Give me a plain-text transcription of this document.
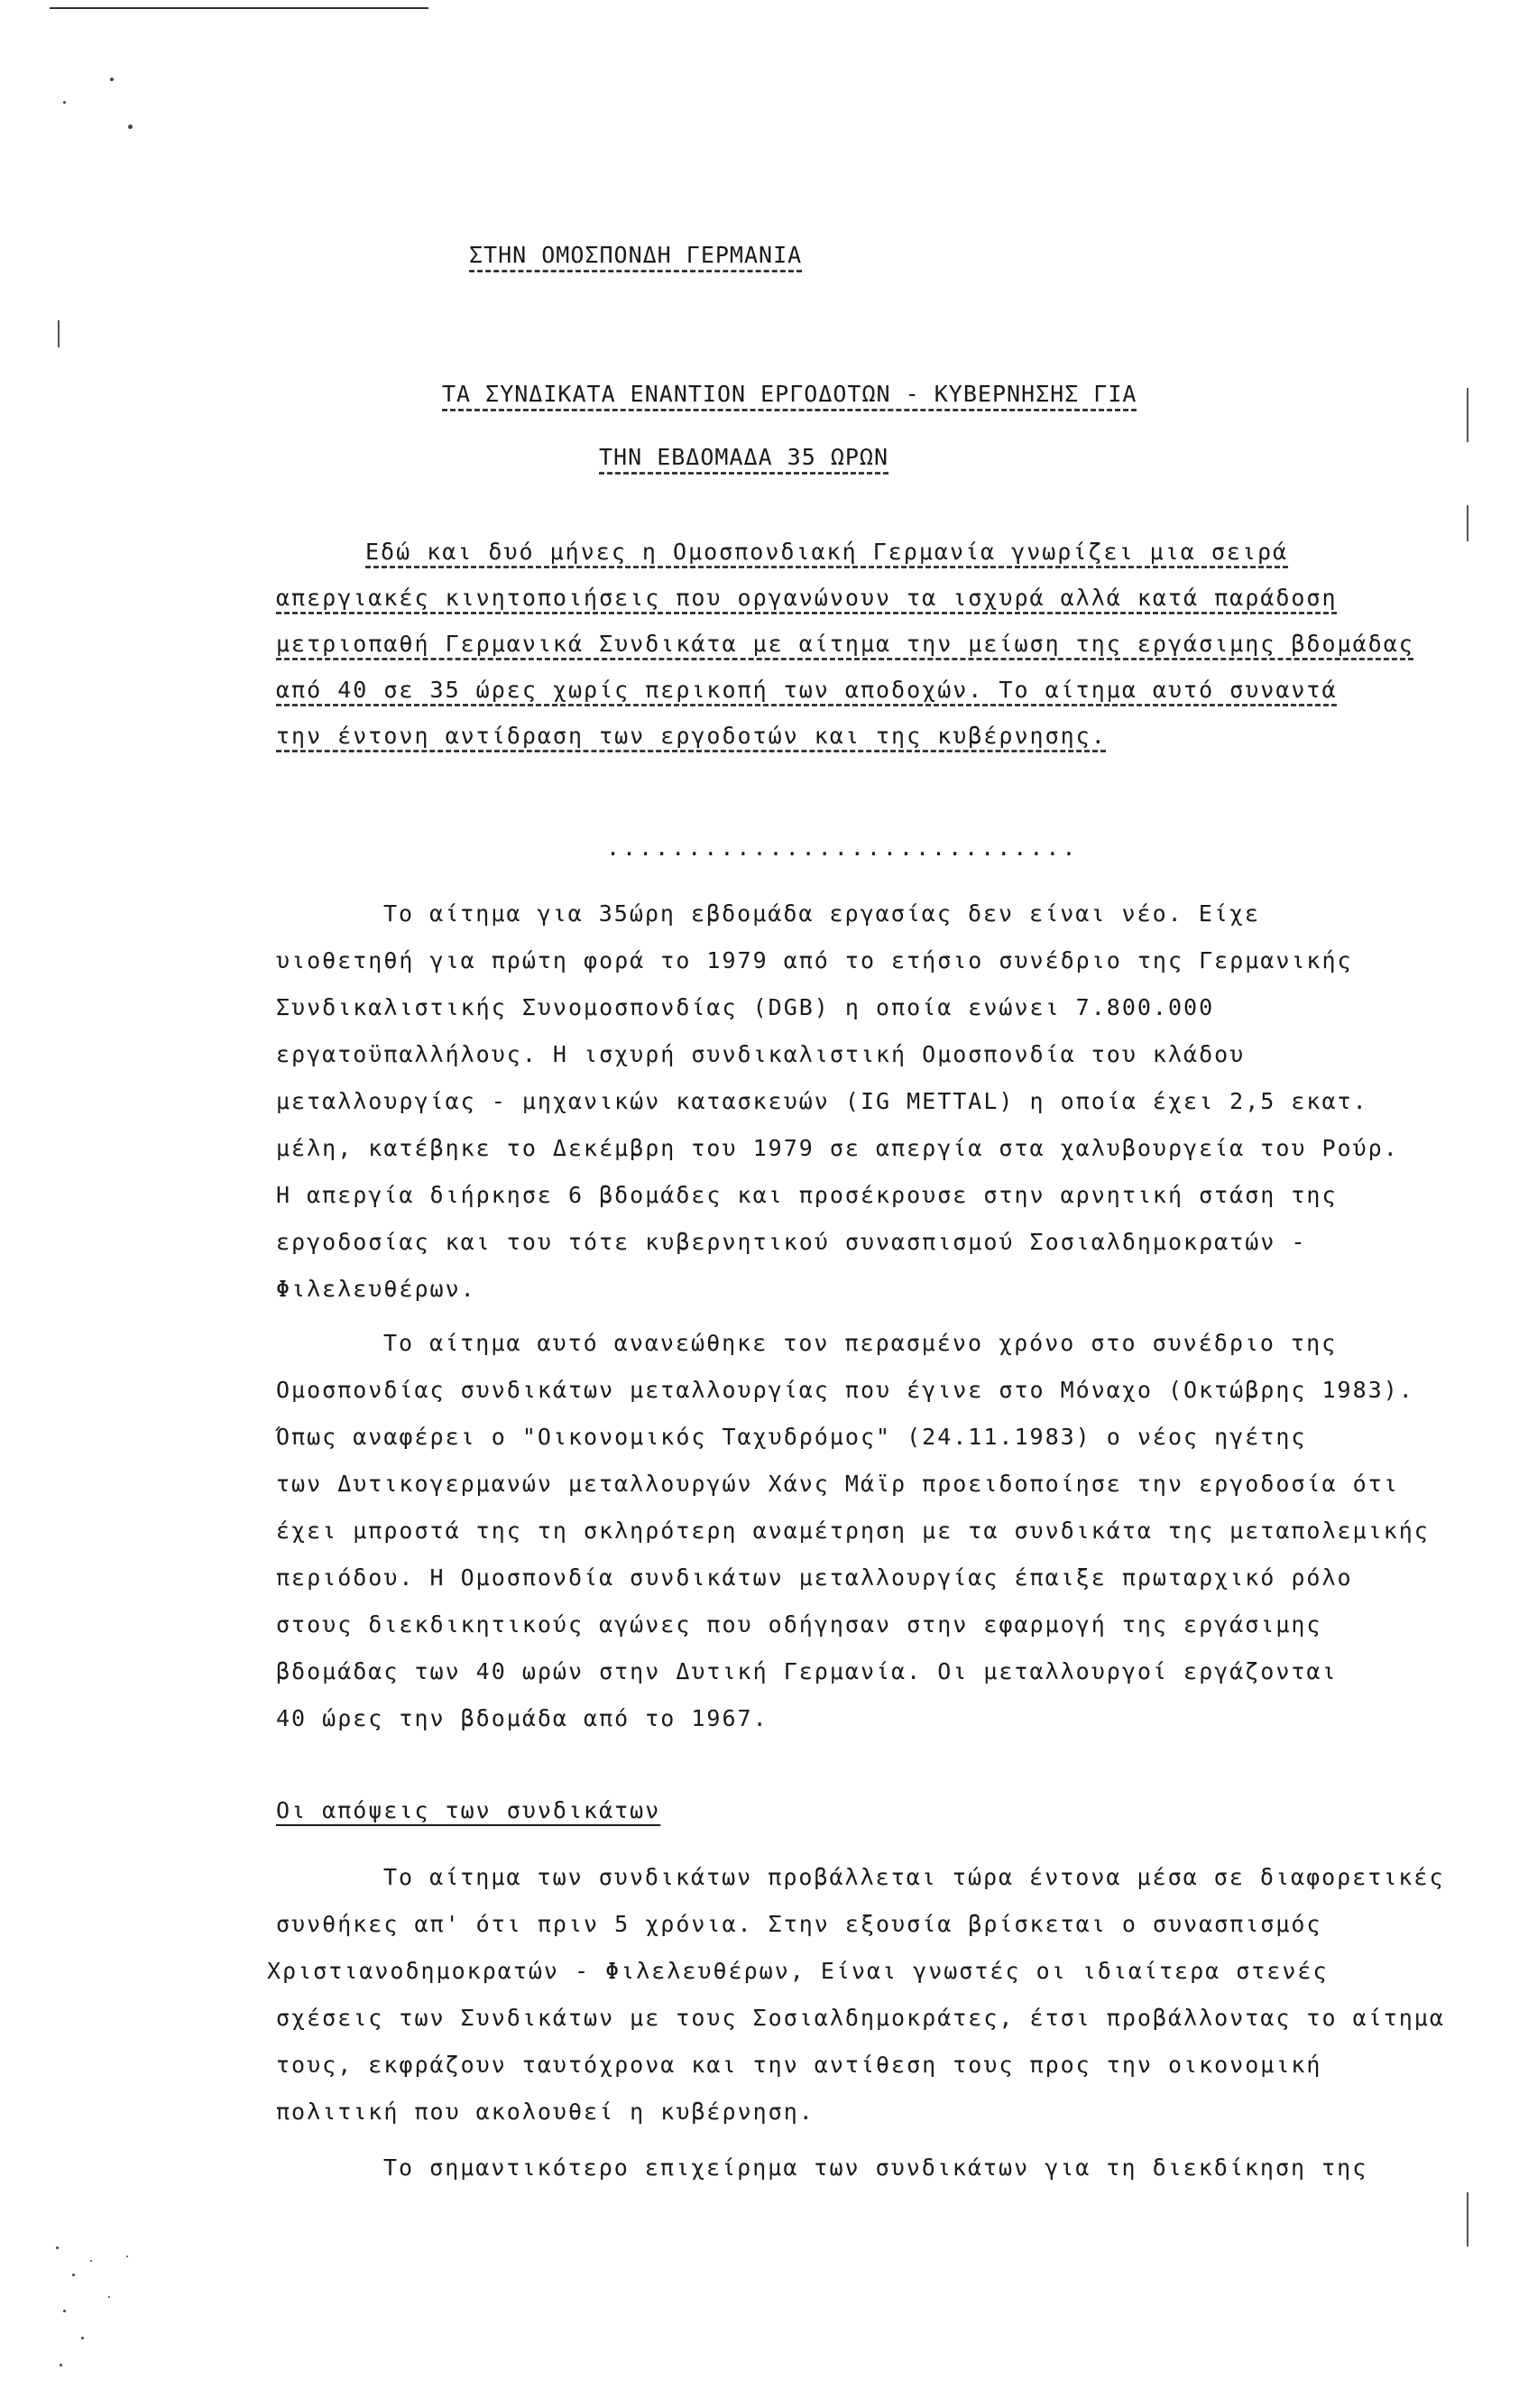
ΣΤΗΝ ΟΜΟΣΠΟΝΔΗ ΓΕΡΜΑΝΙΑ
ΤΑ ΣΥΝΔΙΚΑΤΑ ΕΝΑΝΤΙΟΝ ΕΡΓΟΔΟΤΩΝ - ΚΥΒΕΡΝΗΣΗΣ ΓΙΑ
ΤΗΝ ΕΒΔΟΜΑΔΑ 35 ΩΡΩΝ
Εδώ και δυό μήνες η Ομοσπονδιακή Γερμανία γνωρίζει μια σειρά
απεργιακές κινητοποιήσεις που οργανώνουν τα ισχυρά αλλά κατά παράδοση
μετριοπαθή Γερμανικά Συνδικάτα με αίτημα την μείωση της εργάσιμης βδομάδας
από 40 σε 35 ώρες χωρίς περικοπή των αποδοχών. Το αίτημα αυτό συναντά
την έντονη αντίδραση των εργοδοτών και της κυβέρνησης.
.............................
Το αίτημα για 35ώρη εβδομάδα εργασίας δεν είναι νέο. Είχε
υιοθετηθή για πρώτη φορά το 1979 από το ετήσιο συνέδριο της Γερμανικής
Συνδικαλιστικής Συνομοσπονδίας (DGB) η οποία ενώνει 7.800.000
εργατοϋπαλλήλους. Η ισχυρή συνδικαλιστική Ομοσπονδία του κλάδου
μεταλλουργίας - μηχανικών κατασκευών (IG METTAL) η οποία έχει 2,5 εκατ.
μέλη, κατέβηκε το Δεκέμβρη του 1979 σε απεργία στα χαλυβουργεία του Ρούρ.
Η απεργία διήρκησε 6 βδομάδες και προσέκρουσε στην αρνητική στάση της
εργοδοσίας και του τότε κυβερνητικού συνασπισμού Σοσιαλδημοκρατών -
Φιλελευθέρων.
Το αίτημα αυτό ανανεώθηκε τον περασμένο χρόνο στο συνέδριο της
Ομοσπονδίας συνδικάτων μεταλλουργίας που έγινε στο Μόναχο (Οκτώβρης 1983).
Όπως αναφέρει ο "Οικονομικός Ταχυδρόμος" (24.11.1983) ο νέος ηγέτης
των Δυτικογερμανών μεταλλουργών Χάνς Μάϊρ προειδοποίησε την εργοδοσία ότι
έχει μπροστά της τη σκληρότερη αναμέτρηση με τα συνδικάτα της μεταπολεμικής
περιόδου. Η Ομοσπονδία συνδικάτων μεταλλουργίας έπαιξε πρωταρχικό ρόλο
στους διεκδικητικούς αγώνες που οδήγησαν στην εφαρμογή της εργάσιμης
βδομάδας των 40 ωρών στην Δυτική Γερμανία. Οι μεταλλουργοί εργάζονται
40 ώρες την βδομάδα από το 1967.
Οι απόψεις των συνδικάτων
Το αίτημα των συνδικάτων προβάλλεται τώρα έντονα μέσα σε διαφορετικές
συνθήκες απ' ότι πριν 5 χρόνια. Στην εξουσία βρίσκεται ο συνασπισμός
Χριστιανοδημοκρατών - Φιλελευθέρων, Είναι γνωστές οι ιδιαίτερα στενές
σχέσεις των Συνδικάτων με τους Σοσιαλδημοκράτες, έτσι προβάλλοντας το αίτημα
τους, εκφράζουν ταυτόχρονα και την αντίθεση τους προς την οικονομική
πολιτική που ακολουθεί η κυβέρνηση.
Το σημαντικότερο επιχείρημα των συνδικάτων για τη διεκδίκηση της
